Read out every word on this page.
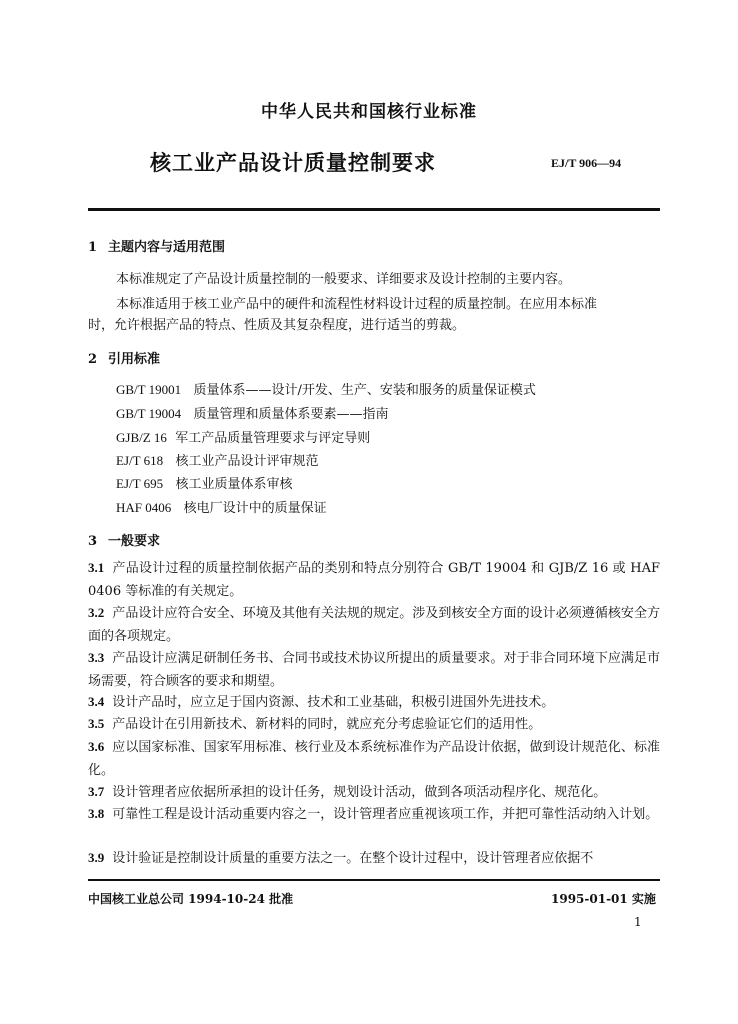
中华人民共和国核行业标准
核工业产品设计质量控制要求	EJ/T 906—94
1 主题内容与适用范围
本标准规定了产品设计质量控制的一般要求、详细要求及设计控制的主要内容。
本标准适用于核工业产品中的硬件和流程性材料设计过程的质量控制。在应用本标准
时，允许根据产品的特点、性质及其复杂程度，进行适当的剪裁。
2 引用标准
GB/T 19001 质量体系——设计/开发、生产、安装和服务的质量保证模式
GB/T 19004 质量管理和质量体系要素——指南
GJB/Z 16 军工产品质量管理要求与评定导则
EJ/T 618 核工业产品设计评审规范
EJ/T 695 核工业质量体系审核
HAF 0406 核电厂设计中的质量保证
3 一般要求
3.1 产品设计过程的质量控制依据产品的类别和特点分别符合 GB/T 19004 和 GJB/Z 16 或 HAF 0406 等标准的有关规定。
3.2 产品设计应符合安全、环境及其他有关法规的规定。涉及到核安全方面的设计必须遵循核安全方面的各项规定。
3.3 产品设计应满足研制任务书、合同书或技术协议所提出的质量要求。对于非合同环境下应满足市场需要，符合顾客的要求和期望。
3.4 设计产品时，应立足于国内资源、技术和工业基础，积极引进国外先进技术。
3.5 产品设计在引用新技术、新材料的同时，就应充分考虑验证它们的适用性。
3.6 应以国家标准、国家军用标准、核行业及本系统标准作为产品设计依据，做到设计规范化、标准化。
3.7 设计管理者应依据所承担的设计任务，规划设计活动，做到各项活动程序化、规范化。
3.8 可靠性工程是设计活动重要内容之一，设计管理者应重视该项工作，并把可靠性活动纳入计划。
3.9 设计验证是控制设计质量的重要方法之一。在整个设计过程中，设计管理者应依据不
中国核工业总公司 1994-10-24 批准	1995-01-01 实施
1
